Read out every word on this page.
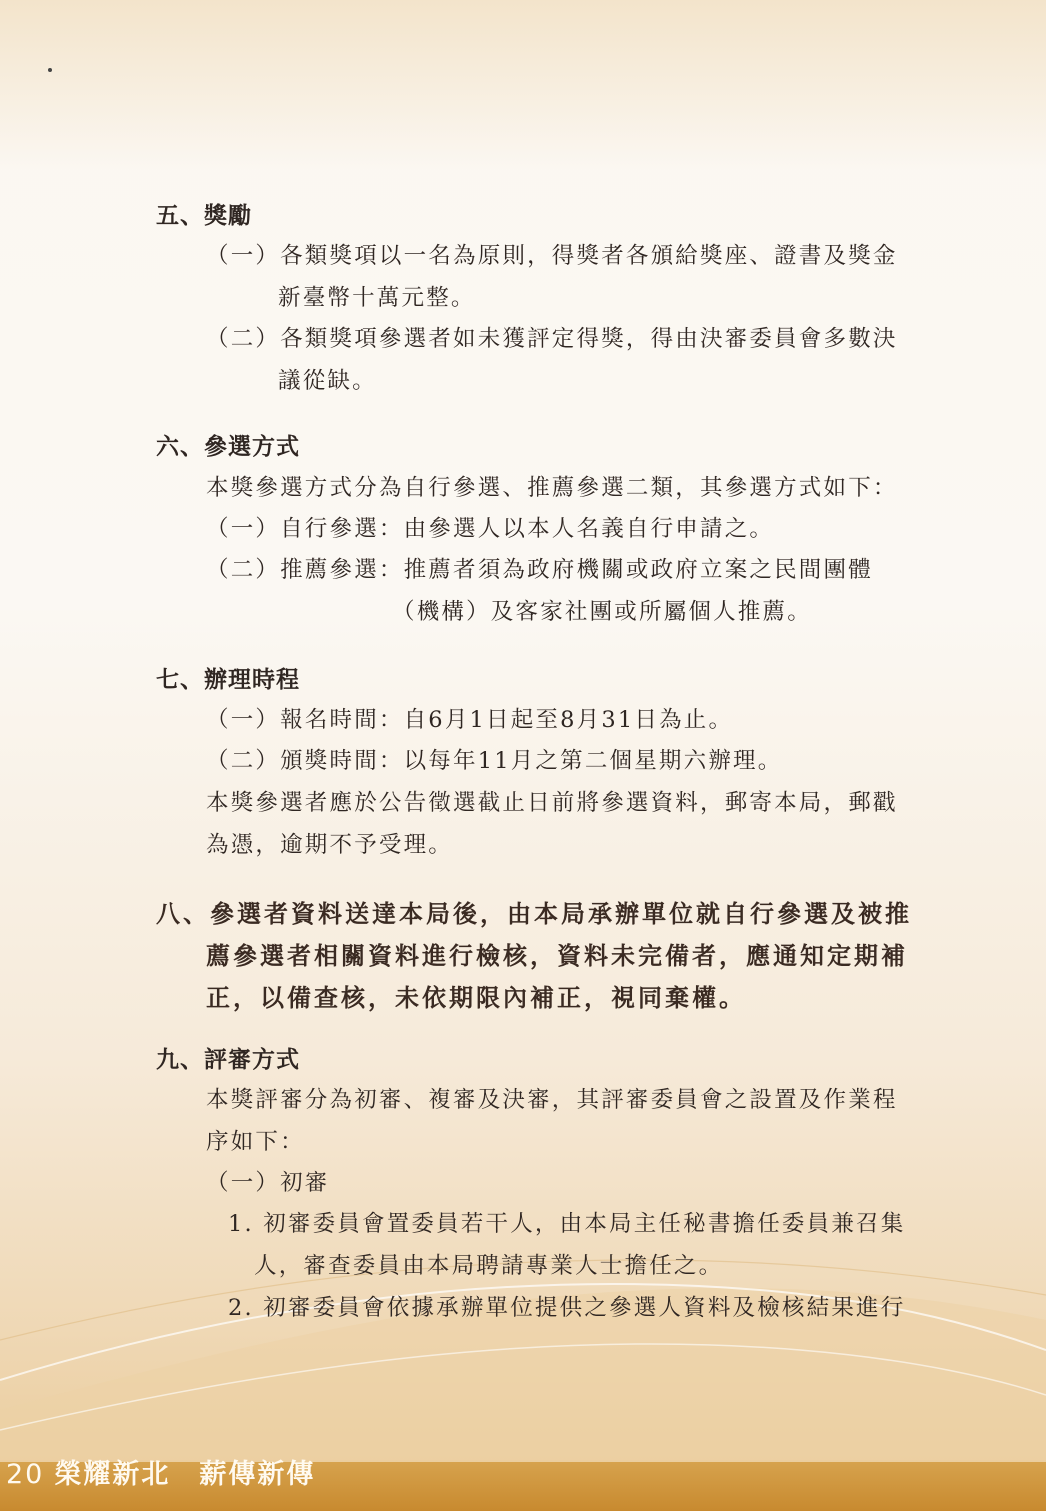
五、獎勵
（一）各類獎項以一名為原則，得獎者各頒給獎座、證書及獎金
新臺幣十萬元整。
（二）各類獎項參選者如未獲評定得獎，得由決審委員會多數決
議從缺。
六、參選方式
本獎參選方式分為自行參選、推薦參選二類，其參選方式如下：
（一）自行參選：由參選人以本人名義自行申請之。
（二）推薦參選：推薦者須為政府機關或政府立案之民間團體
（機構）及客家社團或所屬個人推薦。
七、辦理時程
（一）報名時間：自6月1日起至8月31日為止。
（二）頒獎時間：以每年11月之第二個星期六辦理。
本獎參選者應於公告徵選截止日前將參選資料，郵寄本局，郵戳
為憑，逾期不予受理。
八、參選者資料送達本局後，由本局承辦單位就自行參選及被推
薦參選者相關資料進行檢核，資料未完備者，應通知定期補
正，以備查核，未依期限內補正，視同棄權。
九、評審方式
本獎評審分為初審、複審及決審，其評審委員會之設置及作業程
序如下：
（一）初審
1. 初審委員會置委員若干人，由本局主任秘書擔任委員兼召集
人，審查委員由本局聘請專業人士擔任之。
2. 初審委員會依據承辦單位提供之參選人資料及檢核結果進行
20 榮耀新北　薪傳新傳
